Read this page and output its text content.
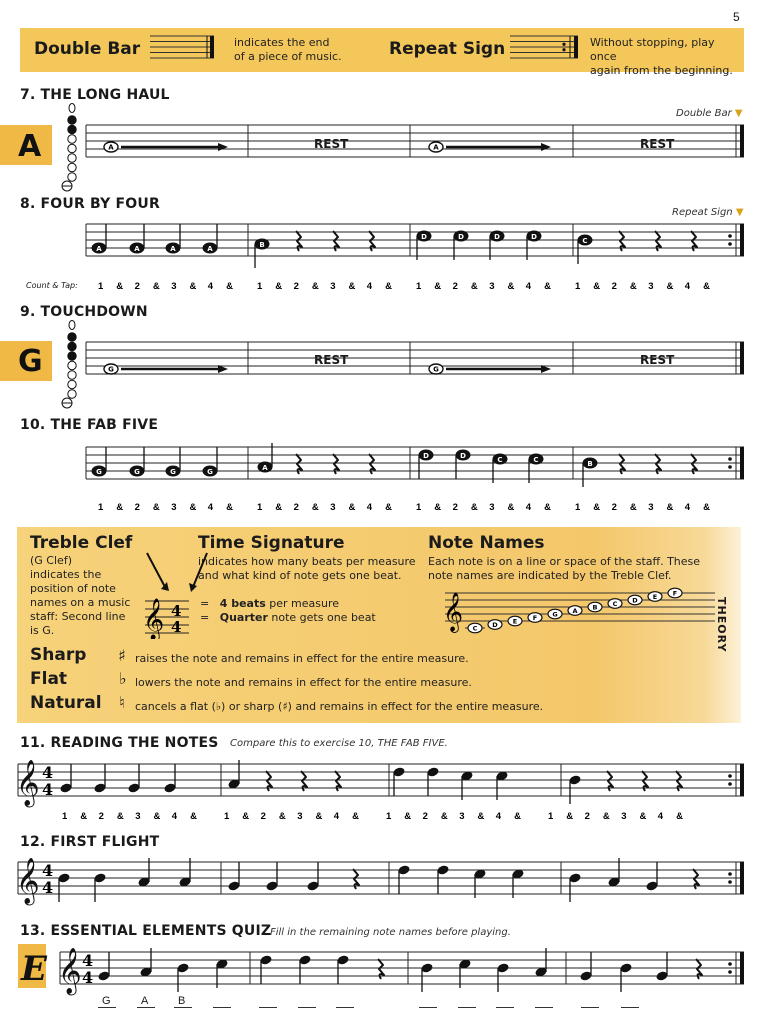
5
Double Bar	indicates the end
of a piece of music.	Repeat Sign	Without stopping, play once
again from the beginning.
7. THE LONG HAUL
8. FOUR BY FOUR
9. TOUCHDOWN
10. THE FAB FIVE
11. READING THE NOTES Compare this to exercise 10, THE FAB FIVE.
12. FIRST FLIGHT
13. ESSENTIAL ELEMENTS QUIZ
Fill in the remaining note names before playing.
Double Bar ▼
Repeat Sign ▼
A
G
REST	REST
REST	REST
Count & Tap:
Treble Clef
(G Clef)
indicates the
position of note
names on a music
staff: Second line
is G.
Time Signature
indicates how many beats per measure
and what kind of note gets one beat.
𝄞 4
4
= 4 beats per measure
= Quarter note gets one beat
Note Names
Each note is on a line or space of the staff. These
note names are indicated by the Treble Clef.
𝄞 C D E F G A B C D E F
THEORY
Sharp ♯ raises the note and remains in effect for the entire measure.
Flat	♭ lowers the note and remains in effect for the entire measure.
Natural ♮ cancels a flat (♭) or sharp (♯) and remains in effect for the entire measure.
G	A	B
A	A
A	A	A	A	B
D	D	D	D	C
1 & 2 & 3 & 4 &	1 & 2 & 3 & 4 &	1 & 2 & 3 & 4 &	1 & 2 & 3 & 4 &
G	G
G	G	G	G	A
D	D	C	C	B
1 & 2 & 3 & 4 &	1 & 2 & 3 & 4 &	1 & 2 & 3 & 4 &	1 & 2 & 3 & 4 &
𝄞 4
4
1 & 2 & 3 & 4 &	1 & 2 & 3 & 4 &	1 & 2 & 3 & 4 &	1 & 2 & 3 & 4 &
𝄞 4
4
E 𝄞 4
4
